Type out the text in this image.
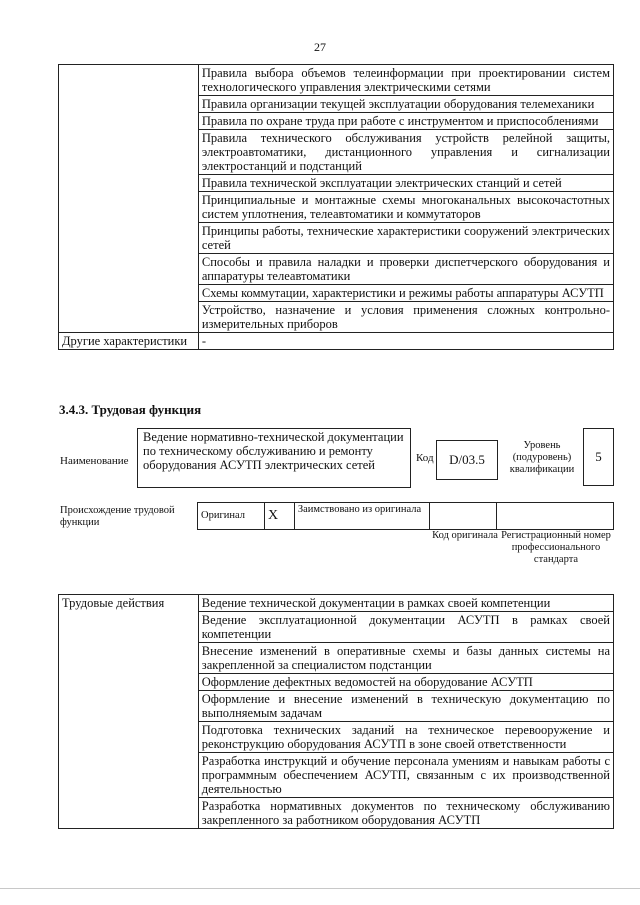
27
	Правила выбора объемов телеинформации при проектировании систем технологического управления электрическими сетями
	Правила организации текущей эксплуатации оборудования телемеханики
	Правила по охране труда при работе с инструментом и приспособлениями
	Правила технического обслуживания устройств релейной защиты, электроавтоматики, дистанционного управления и сигнализации электростанций и подстанций
	Правила технической эксплуатации электрических станций и сетей
	Принципиальные и монтажные схемы многоканальных высокочастотных систем уплотнения, телеавтоматики и коммутаторов
	Принципы работы, технические характеристики сооружений электрических сетей
	Способы и правила наладки и проверки диспетчерского оборудования и аппаратуры телеавтоматики
	Схемы коммутации, характеристики и режимы работы аппаратуры АСУТП
	Устройство, назначение и условия применения сложных контрольно-измерительных приборов
Другие характеристики	-
3.4.3. Трудовая функция
Наименование
Ведение нормативно-технической документации по техническому обслуживанию и ремонту оборудования АСУТП электрических сетей	Код	D/03.5
Уровень (подуровень) квалификации
5
Происхождение трудовой функции
Оригинал	X	Заимствовано из оригинала		
Код оригинала Регистрационный номер профессионального стандарта
Трудовые действия	Ведение технической документации в рамках своей компетенции
Ведение эксплуатационной документации АСУТП в рамках своей компетенции
Внесение изменений в оперативные схемы и базы данных системы на закрепленной за специалистом подстанции
Оформление дефектных ведомостей на оборудование АСУТП
Оформление и внесение изменений в техническую документацию по выполняемым задачам
Подготовка технических заданий на техническое перевооружение и реконструкцию оборудования АСУТП в зоне своей ответственности
Разработка инструкций и обучение персонала умениям и навыкам работы с программным обеспечением АСУТП, связанным с их производственной деятельностью
Разработка нормативных документов по техническому обслуживанию закрепленного за работником оборудования АСУТП
